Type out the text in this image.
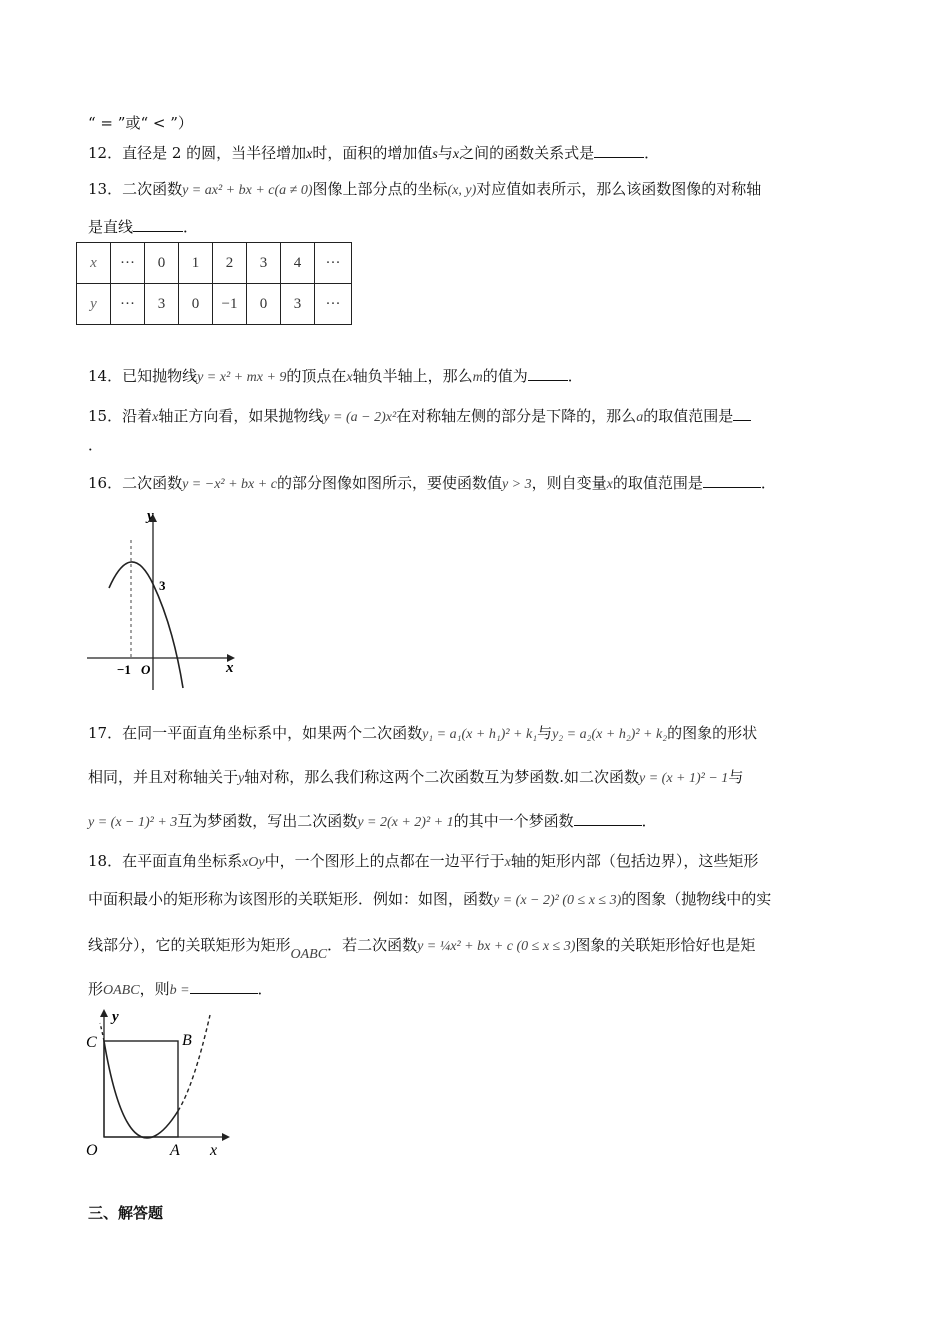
“ = ”或“ < ”）
12．直径是 2 的圆，当半径增加x时，面积的增加值s与x之间的函数关系式是	．
13．二次函数y = ax² + bx + c(a ≠ 0)图像上部分点的坐标(x, y)对应值如表所示，那么该函数图像的对称轴
是直线	．
x	···	0	1	2	3	4	···
y	···	3	0	−1	0	3	···
14．已知抛物线y = x² + mx + 9的顶点在x轴负半轴上，那么m的值为	．
15．沿着x轴正方向看，如果抛物线y = (a − 2)x²在对称轴左侧的部分是下降的，那么a的取值范围是
．
16．二次函数y = −x² + bx + c的部分图像如图所示，要使函数值y > 3，则自变量x的取值范围是	．
y
3
−1 O	x
17．在同一平面直角坐标系中，如果两个二次函数y₁ = a₁(x + h₁)² + k₁与y₂ = a₂(x + h₂)² + k₂的图象的形状
相同，并且对称轴关于y轴对称，那么我们称这两个二次函数互为梦函数.如二次函数y = (x + 1)² − 1与
y = (x − 1)² + 3互为梦函数，写出二次函数y = 2(x + 2)² + 1的其中一个梦函数	．
18．在平面直角坐标系xOy中，一个图形上的点都在一边平行于x轴的矩形内部（包括边界），这些矩形
中面积最小的矩形称为该图形的关联矩形．例如：如图，函数y = (x − 2)² (0 ≤ x ≤ 3)的图象（抛物线中的实
线部分），它的关联矩形为矩形OABC．若二次函数y = ¼x² + bx + c (0 ≤ x ≤ 3)图象的关联矩形恰好也是矩
形OABC，则b =	．
C
y
B
O	A x
三、解答题
